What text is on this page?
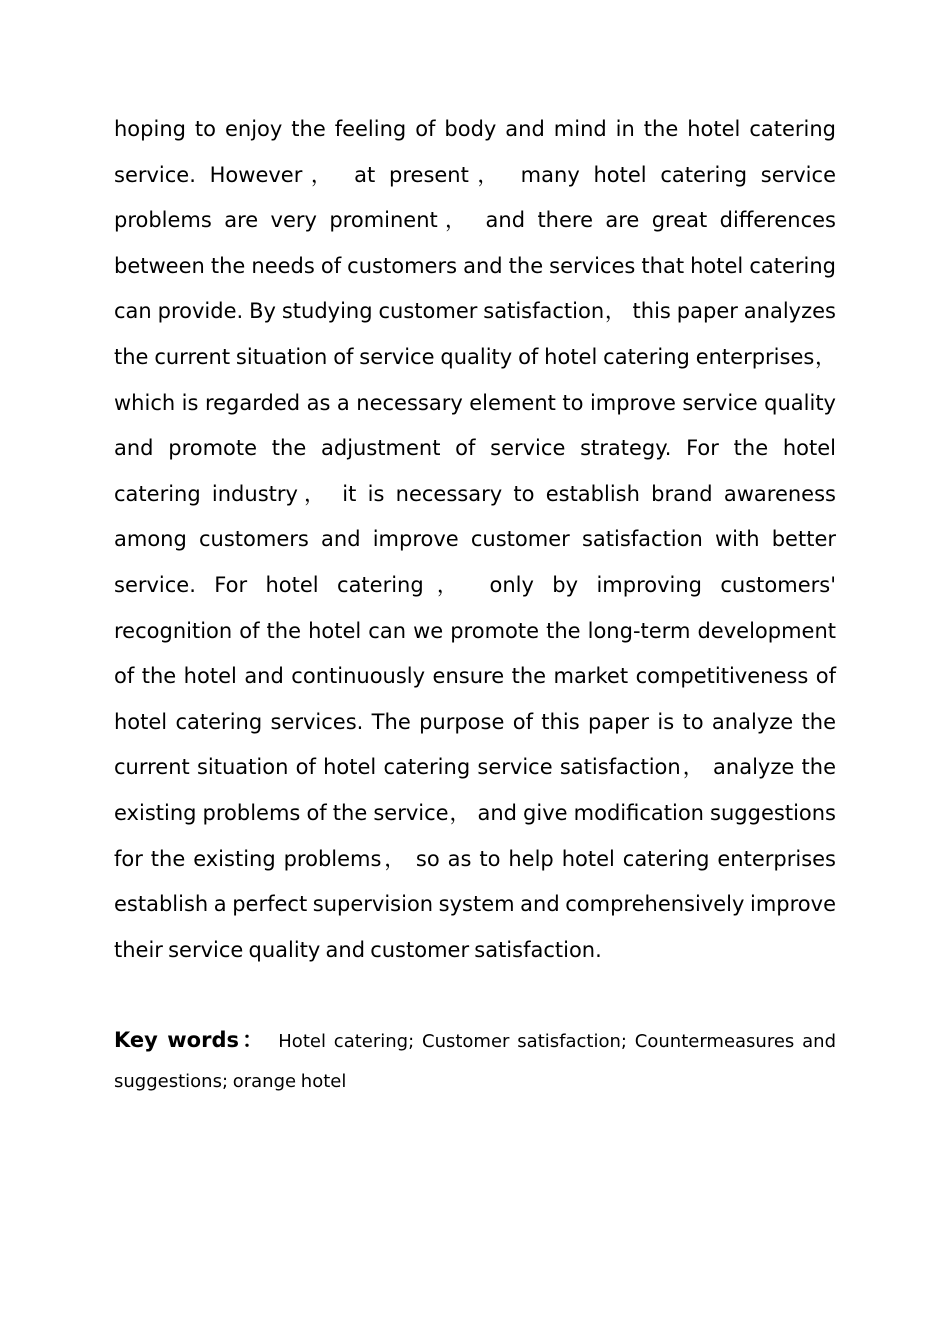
hoping to enjoy the feeling of body and mind in the hotel catering service. However， at present， many hotel catering service problems are very prominent， and there are great differences between the needs of customers and the services that hotel catering can provide. By studying customer satisfaction， this paper analyzes the current situation of service quality of hotel catering enterprises， which is regarded as a necessary element to improve service quality and promote the adjustment of service strategy. For the hotel catering industry， it is necessary to establish brand awareness among customers and improve customer satisfaction with better service. For hotel catering， only by improving customers' recognition of the hotel can we promote the long-term development of the hotel and continuously ensure the market competitiveness of hotel catering services. The purpose of this paper is to analyze the current situation of hotel catering service satisfaction， analyze the existing problems of the service， and give modification suggestions for the existing problems， so as to help hotel catering enterprises establish a perfect supervision system and comprehensively improve their service quality and customer satisfaction.

Key words： Hotel catering; Customer satisfaction; Countermeasures and suggestions; orange hotel
